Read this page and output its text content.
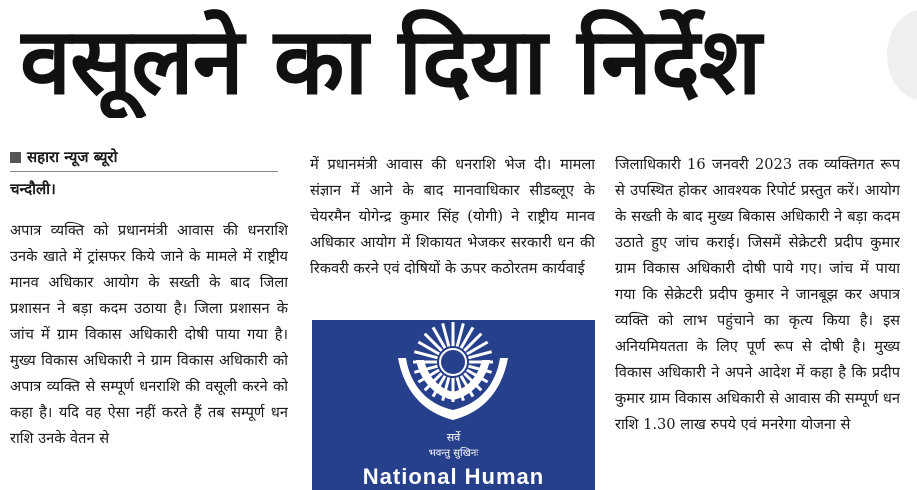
वसूलने का दिया निर्देश
सहारा न्यूज ब्यूरो
चन्दौली।

अपात्र व्यक्ति को प्रधानमंत्री आवास की धनराशि उनके खाते में ट्रांसफर किये जाने के मामले में राष्ट्रीय मानव अधिकार आयोग के सख्ती के बाद जिला प्रशासन ने बड़ा कदम उठाया है। जिला प्रशासन के जांच में ग्राम विकास अधिकारी दोषी पाया गया है। मुख्य विकास अधिकारी ने ग्राम विकास अधिकारी को अपात्र व्यक्ति से सम्पूर्ण धनराशि की वसूली करने को कहा है। यदि वह ऐसा नहीं करते हैं तब सम्पूर्ण धन राशि उनके वेतन से

में प्रधानमंत्री आवास की धनराशि भेज दी। मामला संज्ञान में आने के बाद मानवाधिकार सीडब्लूए के चेयरमैन योगेन्द्र कुमार सिंह (योगी) ने राष्ट्रीय मानव अधिकार आयोग में शिकायत भेजकर सरकारी धन की रिकवरी करने एवं दोषियों के ऊपर कठोरतम कार्यवाई

सर्वे
भवन्तु सुखिनः
National Human

जिलाधिकारी 16 जनवरी 2023 तक व्यक्तिगत रूप से उपस्थित होकर आवश्यक रिपोर्ट प्रस्तुत करें। आयोग के सख्ती के बाद मुख्य बिकास अधिकारी ने बड़ा कदम उठाते हुए जांच कराई। जिसमें सेक्रेटरी प्रदीप कुमार ग्राम विकास अधिकारी दोषी पाये गए। जांच में पाया गया कि सेक्रेटरी प्रदीप कुमार ने जानबूझ कर अपात्र व्यक्ति को लाभ पहुंचाने का कृत्य किया है। इस अनियमियतता के लिए पूर्ण रूप से दोषी है। मुख्य विकास अधिकारी ने अपने आदेश में कहा है कि प्रदीप कुमार ग्राम विकास अधिकारी से आवास की सम्पूर्ण धन राशि 1.30 लाख रुपये एवं मनरेगा योजना से
